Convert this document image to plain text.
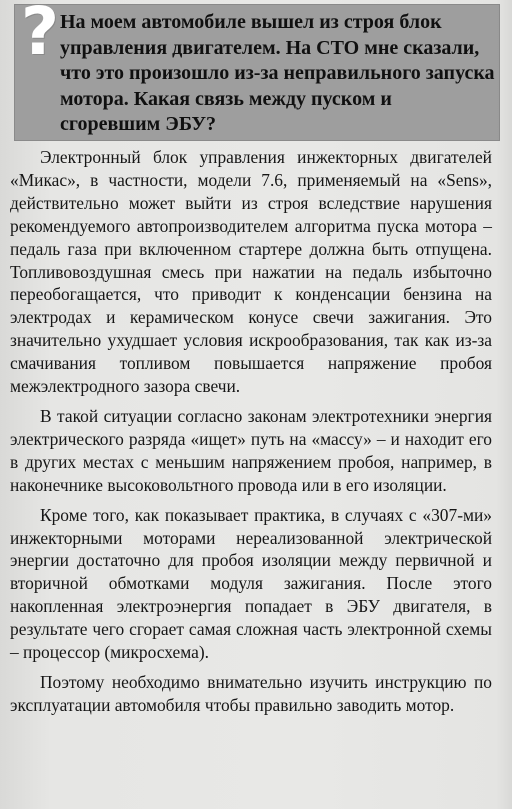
? На моем автомобиле вышел из строя блок управления двигателем. На СТО мне сказали, что это произошло из-за неправильного запуска мотора. Какая связь между пуском и сгоревшим ЭБУ?

Электронный блок управления инжекторных двигателей «Микас», в частности, модели 7.6, применяемый на «Sens», действительно может выйти из строя вследствие нарушения рекомендуемого автопроизводителем алгоритма пуска мотора – педаль газа при включенном стартере должна быть отпущена. Топливовоздушная смесь при нажатии на педаль избыточно переобогащается, что приводит к конденсации бензина на электродах и керамическом конусе свечи зажигания. Это значительно ухудшает условия искрообразования, так как из-за смачивания топливом повышается напряжение пробоя межэлектродного зазора свечи.

В такой ситуации согласно законам электротехники энергия электрического разряда «ищет» путь на «массу» – и находит его в других местах с меньшим напряжением пробоя, например, в наконечнике высоковольтного провода или в его изоляции.

Кроме того, как показывает практика, в случаях с «307-ми» инжекторными моторами нереализованной электрической энергии достаточно для пробоя изоляции между первичной и вторичной обмотками модуля зажигания. После этого накопленная электроэнергия попадает в ЭБУ двигателя, в результате чего сгорает самая сложная часть электронной схемы – процессор (микросхема).

Поэтому необходимо внимательно изучить инструкцию по эксплуатации автомобиля чтобы правильно заводить мотор.
